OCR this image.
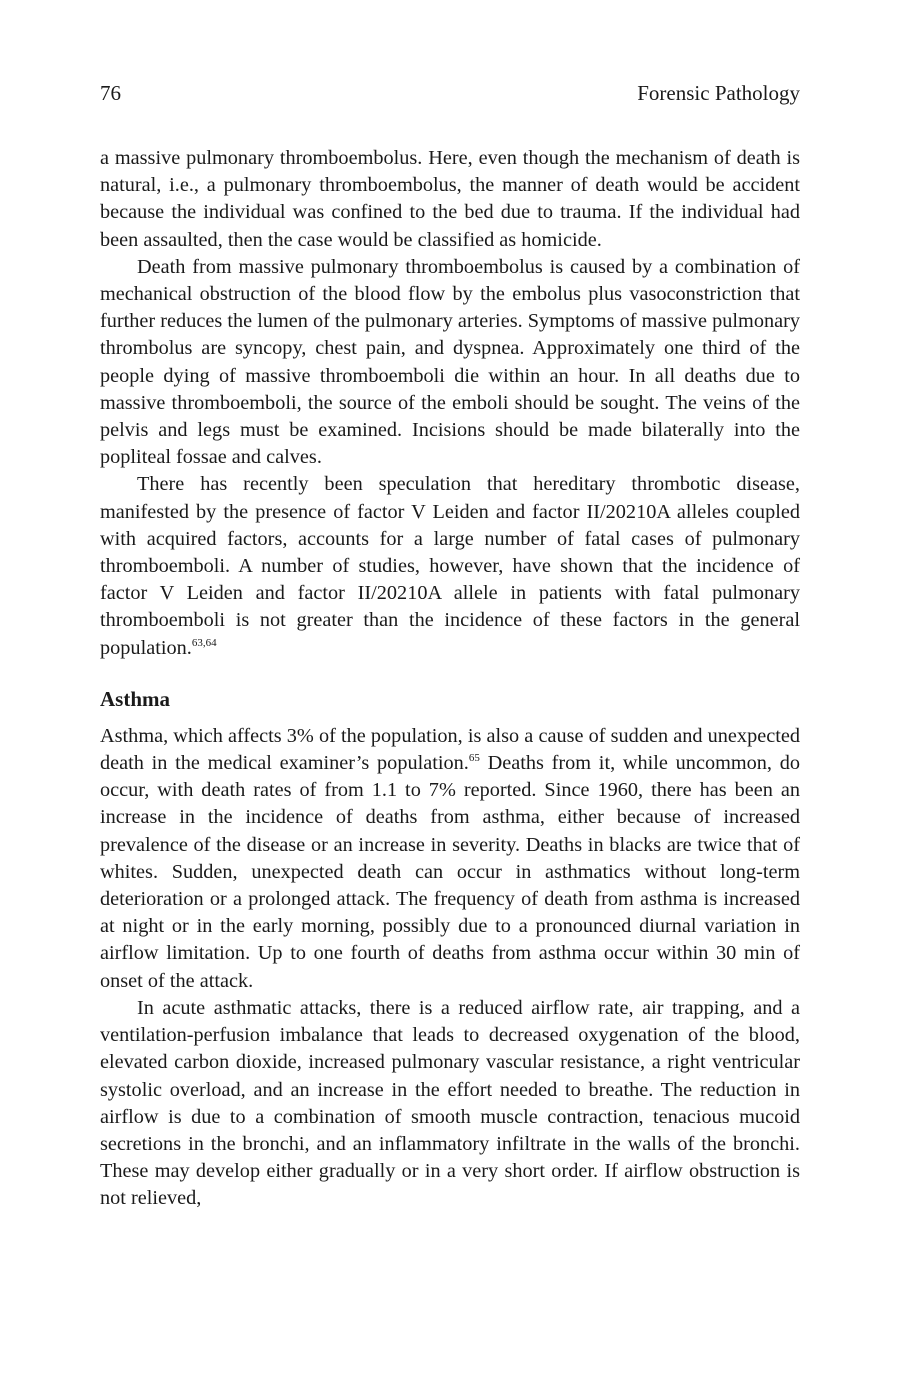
76	Forensic Pathology

a massive pulmonary thromboembolus. Here, even though the mechanism of death is natural, i.e., a pulmonary thromboembolus, the manner of death would be accident because the individual was confined to the bed due to trauma. If the individual had been assaulted, then the case would be classified as homicide.

Death from massive pulmonary thromboembolus is caused by a combination of mechanical obstruction of the blood flow by the embolus plus vasoconstriction that further reduces the lumen of the pulmonary arteries. Symptoms of massive pulmonary thrombolus are syncopy, chest pain, and dyspnea. Approximately one third of the people dying of massive thromboemboli die within an hour. In all deaths due to massive thromboemboli, the source of the emboli should be sought. The veins of the pelvis and legs must be examined. Incisions should be made bilaterally into the popliteal fossae and calves.

There has recently been speculation that hereditary thrombotic disease, manifested by the presence of factor V Leiden and factor II/20210A alleles coupled with acquired factors, accounts for a large number of fatal cases of pulmonary thromboemboli. A number of studies, however, have shown that the incidence of factor V Leiden and factor II/20210A allele in patients with fatal pulmonary thromboemboli is not greater than the incidence of these factors in the general population.$^{63,64}$

Asthma

Asthma, which affects 3% of the population, is also a cause of sudden and unexpected death in the medical examiner’s population.$^{65}$ Deaths from it, while uncommon, do occur, with death rates of from 1.1 to 7% reported. Since 1960, there has been an increase in the incidence of deaths from asthma, either because of increased prevalence of the disease or an increase in severity. Deaths in blacks are twice that of whites. Sudden, unexpected death can occur in asthmatics without long-term deterioration or a prolonged attack. The frequency of death from asthma is increased at night or in the early morning, possibly due to a pronounced diurnal variation in airflow limitation. Up to one fourth of deaths from asthma occur within 30 min of onset of the attack.

In acute asthmatic attacks, there is a reduced airflow rate, air trapping, and a ventilation-perfusion imbalance that leads to decreased oxygenation of the blood, elevated carbon dioxide, increased pulmonary vascular resistance, a right ventricular systolic overload, and an increase in the effort needed to breathe. The reduction in airflow is due to a combination of smooth muscle contraction, tenacious mucoid secretions in the bronchi, and an inflammatory infiltrate in the walls of the bronchi. These may develop either gradually or in a very short order. If airflow obstruction is not relieved,
